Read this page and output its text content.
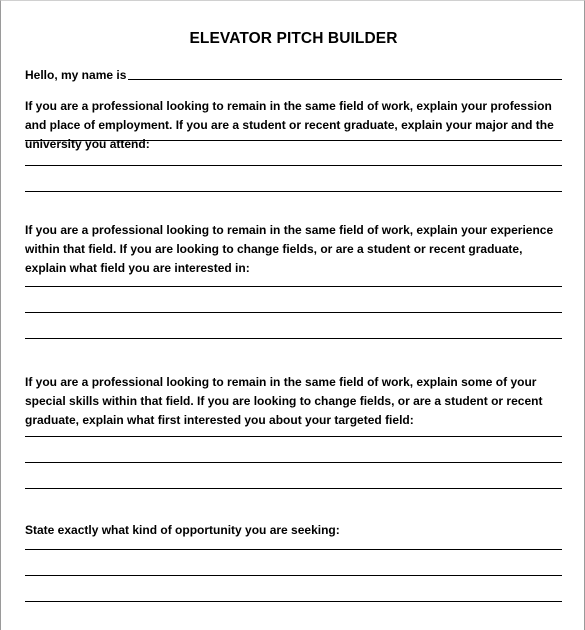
ELEVATOR PITCH BUILDER
Hello, my name is
If you are a professional looking to remain in the same field of work, explain your profession and place of employment. If you are a student or recent graduate, explain your major and the university you attend:
If you are a professional looking to remain in the same field of work, explain your experience within that field. If you are looking to change fields, or are a student or recent graduate, explain what field you are interested in:
If you are a professional looking to remain in the same field of work, explain some of your special skills within that field. If you are looking to change fields, or are a student or recent graduate, explain what first interested you about your targeted field:
State exactly what kind of opportunity you are seeking:
